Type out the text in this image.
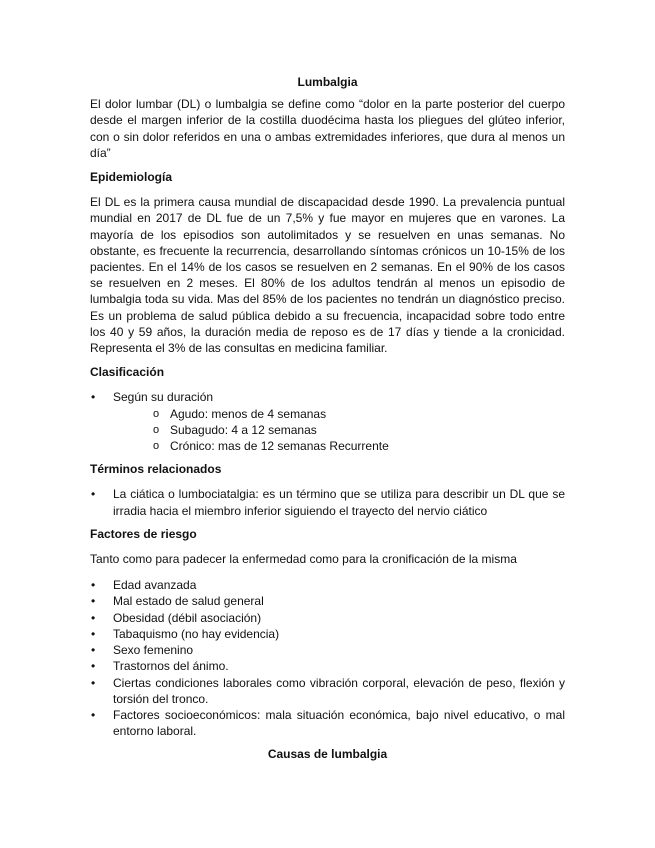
Lumbalgia

El dolor lumbar (DL) o lumbalgia se define como “dolor en la parte posterior del cuerpo desde el margen inferior de la costilla duodécima hasta los pliegues del glúteo inferior, con o sin dolor referidos en una o ambas extremidades inferiores, que dura al menos un día”

Epidemiología

El DL es la primera causa mundial de discapacidad desde 1990. La prevalencia puntual mundial en 2017 de DL fue de un 7,5% y fue mayor en mujeres que en varones. La mayoría de los episodios son autolimitados y se resuelven en unas semanas. No obstante, es frecuente la recurrencia, desarrollando síntomas crónicos un 10-15% de los pacientes. En el 14% de los casos se resuelven en 2 semanas. En el 90% de los casos se resuelven en 2 meses. El 80% de los adultos tendrán al menos un episodio de lumbalgia toda su vida. Mas del 85% de los pacientes no tendrán un diagnóstico preciso. Es un problema de salud pública debido a su frecuencia, incapacidad sobre todo entre los 40 y 59 años, la duración media de reposo es de 17 días y tiende a la cronicidad. Representa el 3% de las consultas en medicina familiar.

Clasificación
• Según su duración
o Agudo: menos de 4 semanas
o Subagudo: 4 a 12 semanas
o Crónico: mas de 12 semanas Recurrente
Términos relacionados
• La ciática o lumbociatalgia: es un término que se utiliza para describir un DL que se irradia hacia el miembro inferior siguiendo el trayecto del nervio ciático
Factores de riesgo

Tanto como para padecer la enfermedad como para la cronificación de la misma

• Edad avanzada
• Mal estado de salud general
• Obesidad (débil asociación)
• Tabaquismo (no hay evidencia)
• Sexo femenino
• Trastornos del ánimo.
• Ciertas condiciones laborales como vibración corporal, elevación de peso, flexión y torsión del tronco.
• Factores socioeconómicos: mala situación económica, bajo nivel educativo, o mal entorno laboral.
Causas de lumbalgia
